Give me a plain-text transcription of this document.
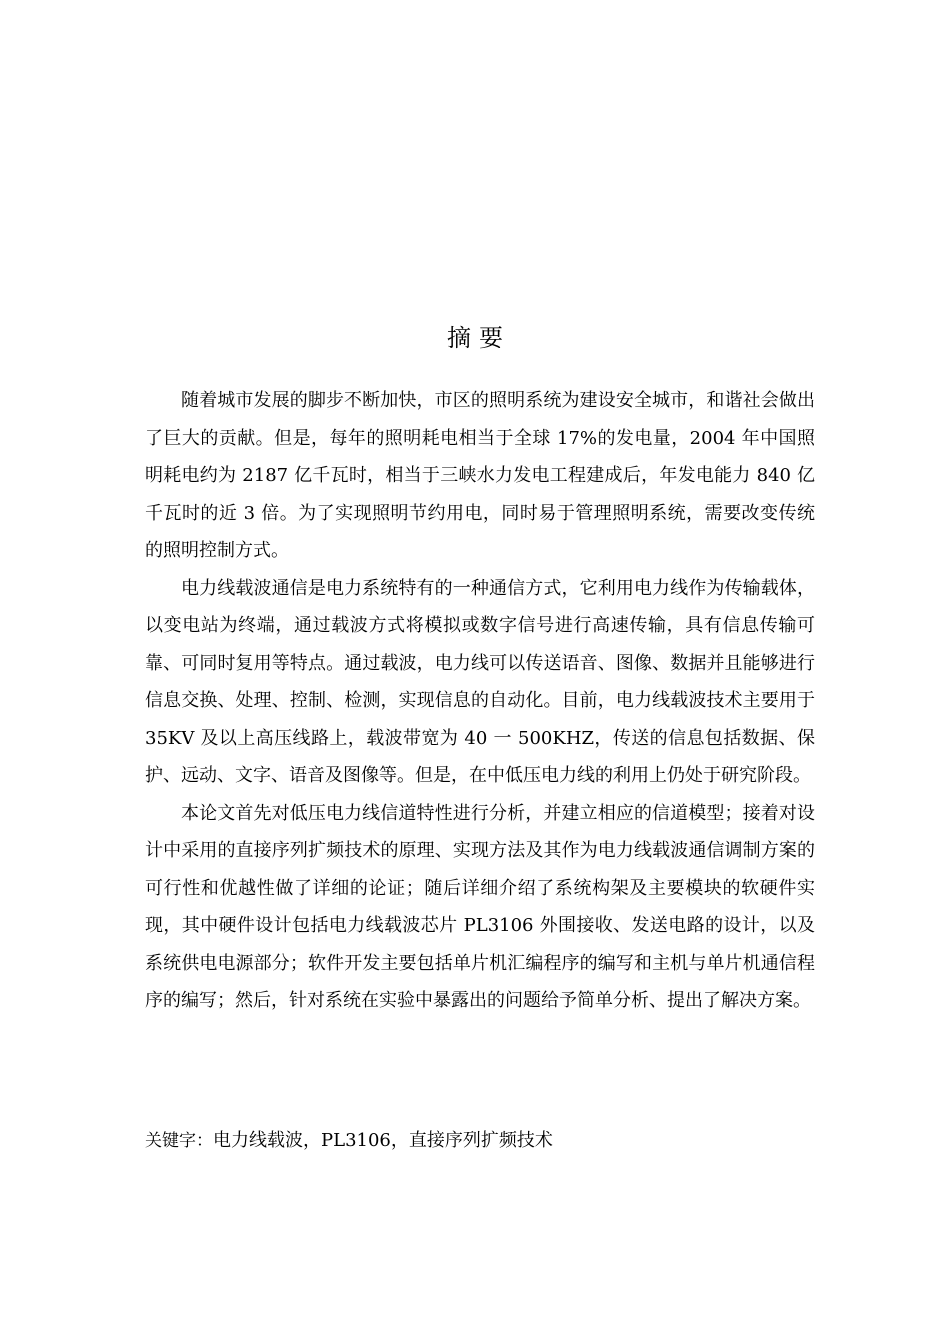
摘要

随着城市发展的脚步不断加快，市区的照明系统为建设安全城市，和谐社会做出了巨大的贡献。但是，每年的照明耗电相当于全球 17%的发电量，2004 年中国照明耗电约为 2187 亿千瓦时，相当于三峡水力发电工程建成后，年发电能力 840 亿千瓦时的近 3 倍。为了实现照明节约用电，同时易于管理照明系统，需要改变传统的照明控制方式。

电力线载波通信是电力系统特有的一种通信方式，它利用电力线作为传输载体，以变电站为终端，通过载波方式将模拟或数字信号进行高速传输，具有信息传输可靠、可同时复用等特点。通过载波，电力线可以传送语音、图像、数据并且能够进行信息交换、处理、控制、检测，实现信息的自动化。目前，电力线载波技术主要用于 35KV 及以上高压线路上，载波带宽为 40 一 500KHZ，传送的信息包括数据、保护、远动、文字、语音及图像等。但是，在中低压电力线的利用上仍处于研究阶段。

本论文首先对低压电力线信道特性进行分析，并建立相应的信道模型；接着对设计中采用的直接序列扩频技术的原理、实现方法及其作为电力线载波通信调制方案的可行性和优越性做了详细的论证；随后详细介绍了系统构架及主要模块的软硬件实现，其中硬件设计包括电力线载波芯片 PL3106 外围接收、发送电路的设计，以及系统供电电源部分；软件开发主要包括单片机汇编程序的编写和主机与单片机通信程序的编写；然后，针对系统在实验中暴露出的问题给予简单分析、提出了解决方案。

关键字：电力线载波，PL3106，直接序列扩频技术
